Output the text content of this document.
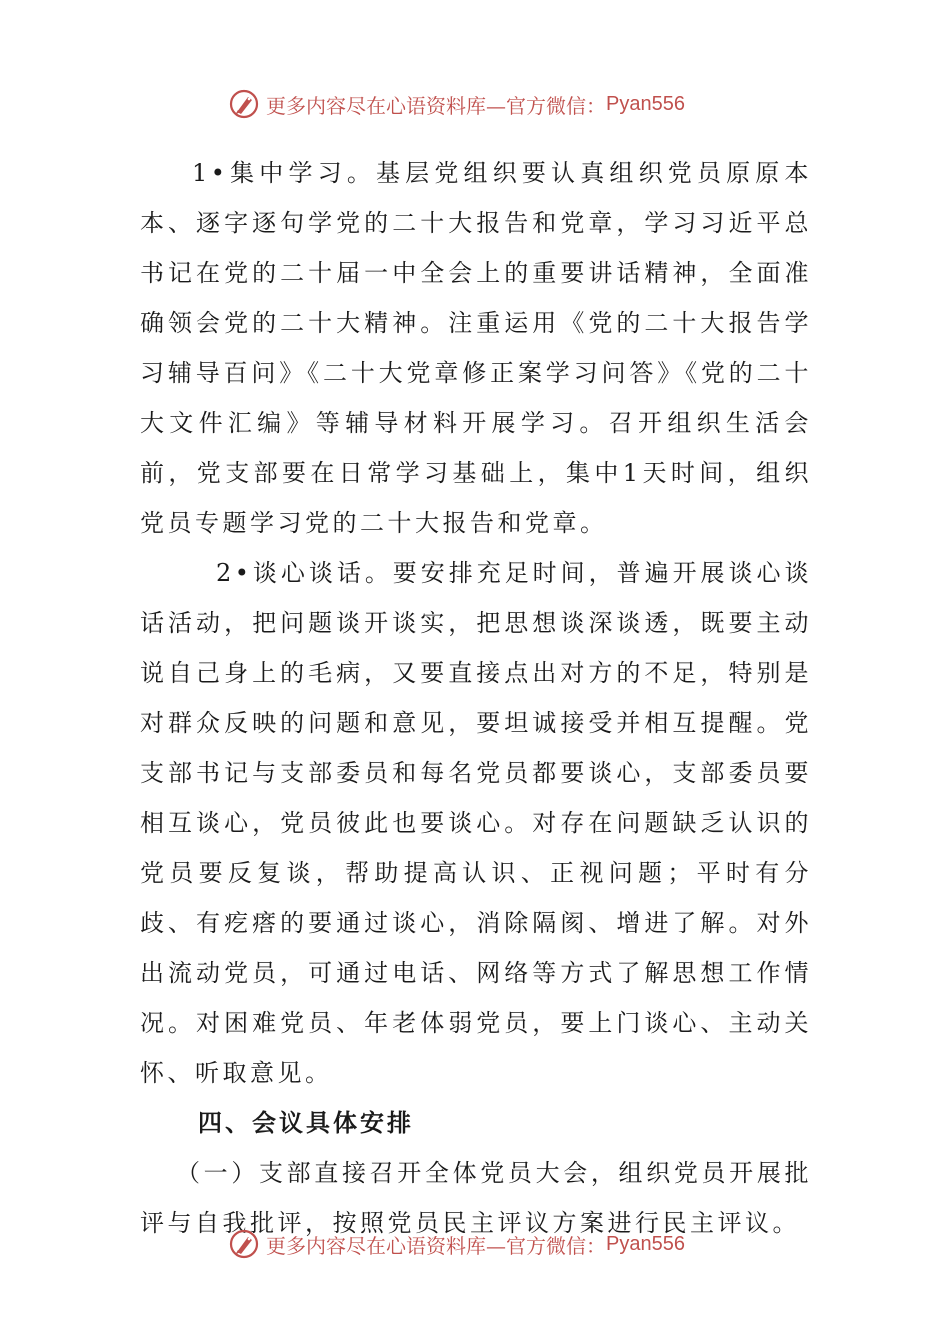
更多内容尽在心语资料库—官方微信： Pyan556

1•集中学习。基层党组织要认真组织党员原原本本、逐字逐句学党的二十大报告和党章，学习习近平总书记在党的二十届一中全会上的重要讲话精神，全面准确领会党的二十大精神。注重运用《党的二十大报告学习辅导百问》《二十大党章修正案学习问答》《党的二十大文件汇编》等辅导材料开展学习。召开组织生活会前，党支部要在日常学习基础上，集中1天时间，组织党员专题学习党的二十大报告和党章。

2•谈心谈话。要安排充足时间，普遍开展谈心谈话活动，把问题谈开谈实，把思想谈深谈透，既要主动说自己身上的毛病，又要直接点出对方的不足，特别是对群众反映的问题和意见，要坦诚接受并相互提醒。党支部书记与支部委员和每名党员都要谈心，支部委员要相互谈心，党员彼此也要谈心。对存在问题缺乏认识的党员要反复谈，帮助提高认识、正视问题；平时有分歧、有疙瘩的要通过谈心，消除隔阂、增进了解。对外出流动党员，可通过电话、网络等方式了解思想工作情况。对困难党员、年老体弱党员，要上门谈心、主动关怀、听取意见。

四、会议具体安排

（一）支部直接召开全体党员大会，组织党员开展批评与自我批评，按照党员民主评议方案进行民主评议。

更多内容尽在心语资料库—官方微信： Pyan556
